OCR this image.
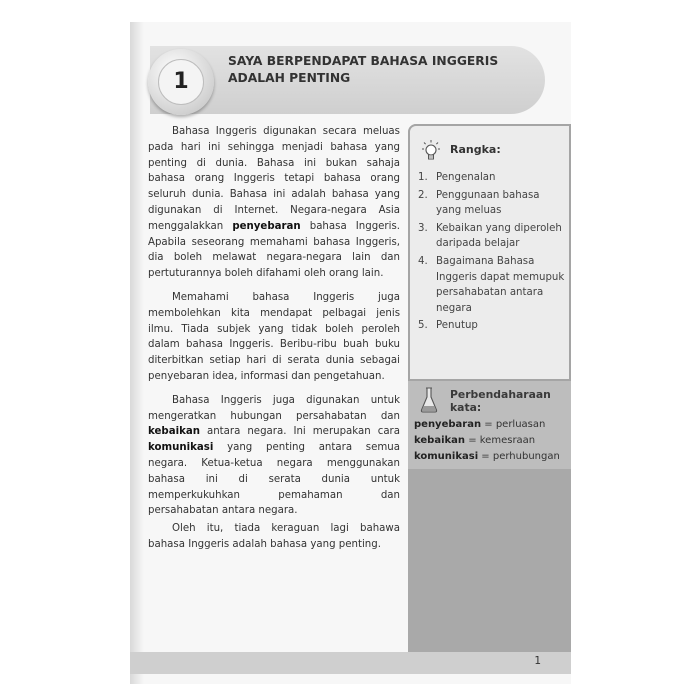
1
SAYA BERPENDAPAT BAHASA INGGERIS ADALAH PENTING

Bahasa Inggeris digunakan secara meluas pada hari ini sehingga menjadi bahasa yang penting di dunia. Bahasa ini bukan sahaja bahasa orang Inggeris tetapi bahasa orang seluruh dunia. Bahasa ini adalah bahasa yang digunakan di Internet. Negara-negara Asia menggalakkan penyebaran bahasa Inggeris. Apabila seseorang memahami bahasa Inggeris, dia boleh melawat negara-negara lain dan pertuturannya boleh difahami oleh orang lain.

Memahami bahasa Inggeris juga membolehkan kita mendapat pelbagai jenis ilmu. Tiada subjek yang tidak boleh peroleh dalam bahasa Inggeris. Beribu-ribu buah buku diterbitkan setiap hari di serata dunia sebagai penyebaran idea, informasi dan pengetahuan.

Bahasa Inggeris juga digunakan untuk mengeratkan hubungan persahabatan dan kebaikan antara negara. Ini merupakan cara komunikasi yang penting antara semua negara. Ketua-ketua negara menggunakan bahasa ini di serata dunia untuk memperkukuhkan pemahaman dan persahabatan antara negara.

Oleh itu, tiada keraguan lagi bahawa bahasa Inggeris adalah bahasa yang penting.

Rangka:
1. Pengenalan
2. Penggunaan bahasa yang meluas
3. Kebaikan yang diperoleh daripada belajar
4. Bagaimana Bahasa Inggeris dapat memupuk persahabatan antara negara
5. Penutup
Perbendaharaan kata:
penyebaran = perluasan
kebaikan = kemesraan
komunikasi = perhubungan
1
